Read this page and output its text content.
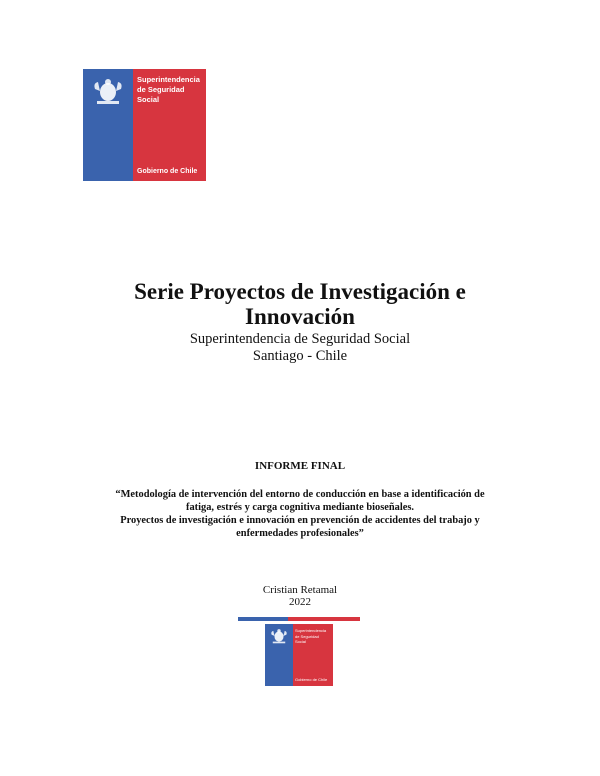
Superintendencia
de Seguridad
Social
Gobierno de Chile
Serie Proyectos de Investigación e
Innovación
Superintendencia de Seguridad Social
Santiago - Chile
INFORME FINAL
“Metodología de intervención del entorno de conducción en base a identificación de
fatiga, estrés y carga cognitiva mediante bioseñales.
Proyectos de investigación e innovación en prevención de accidentes del trabajo y
enfermedades profesionales”
Cristian Retamal
2022
Superintendencia
de Seguridad
Social
Gobierno de Chile
